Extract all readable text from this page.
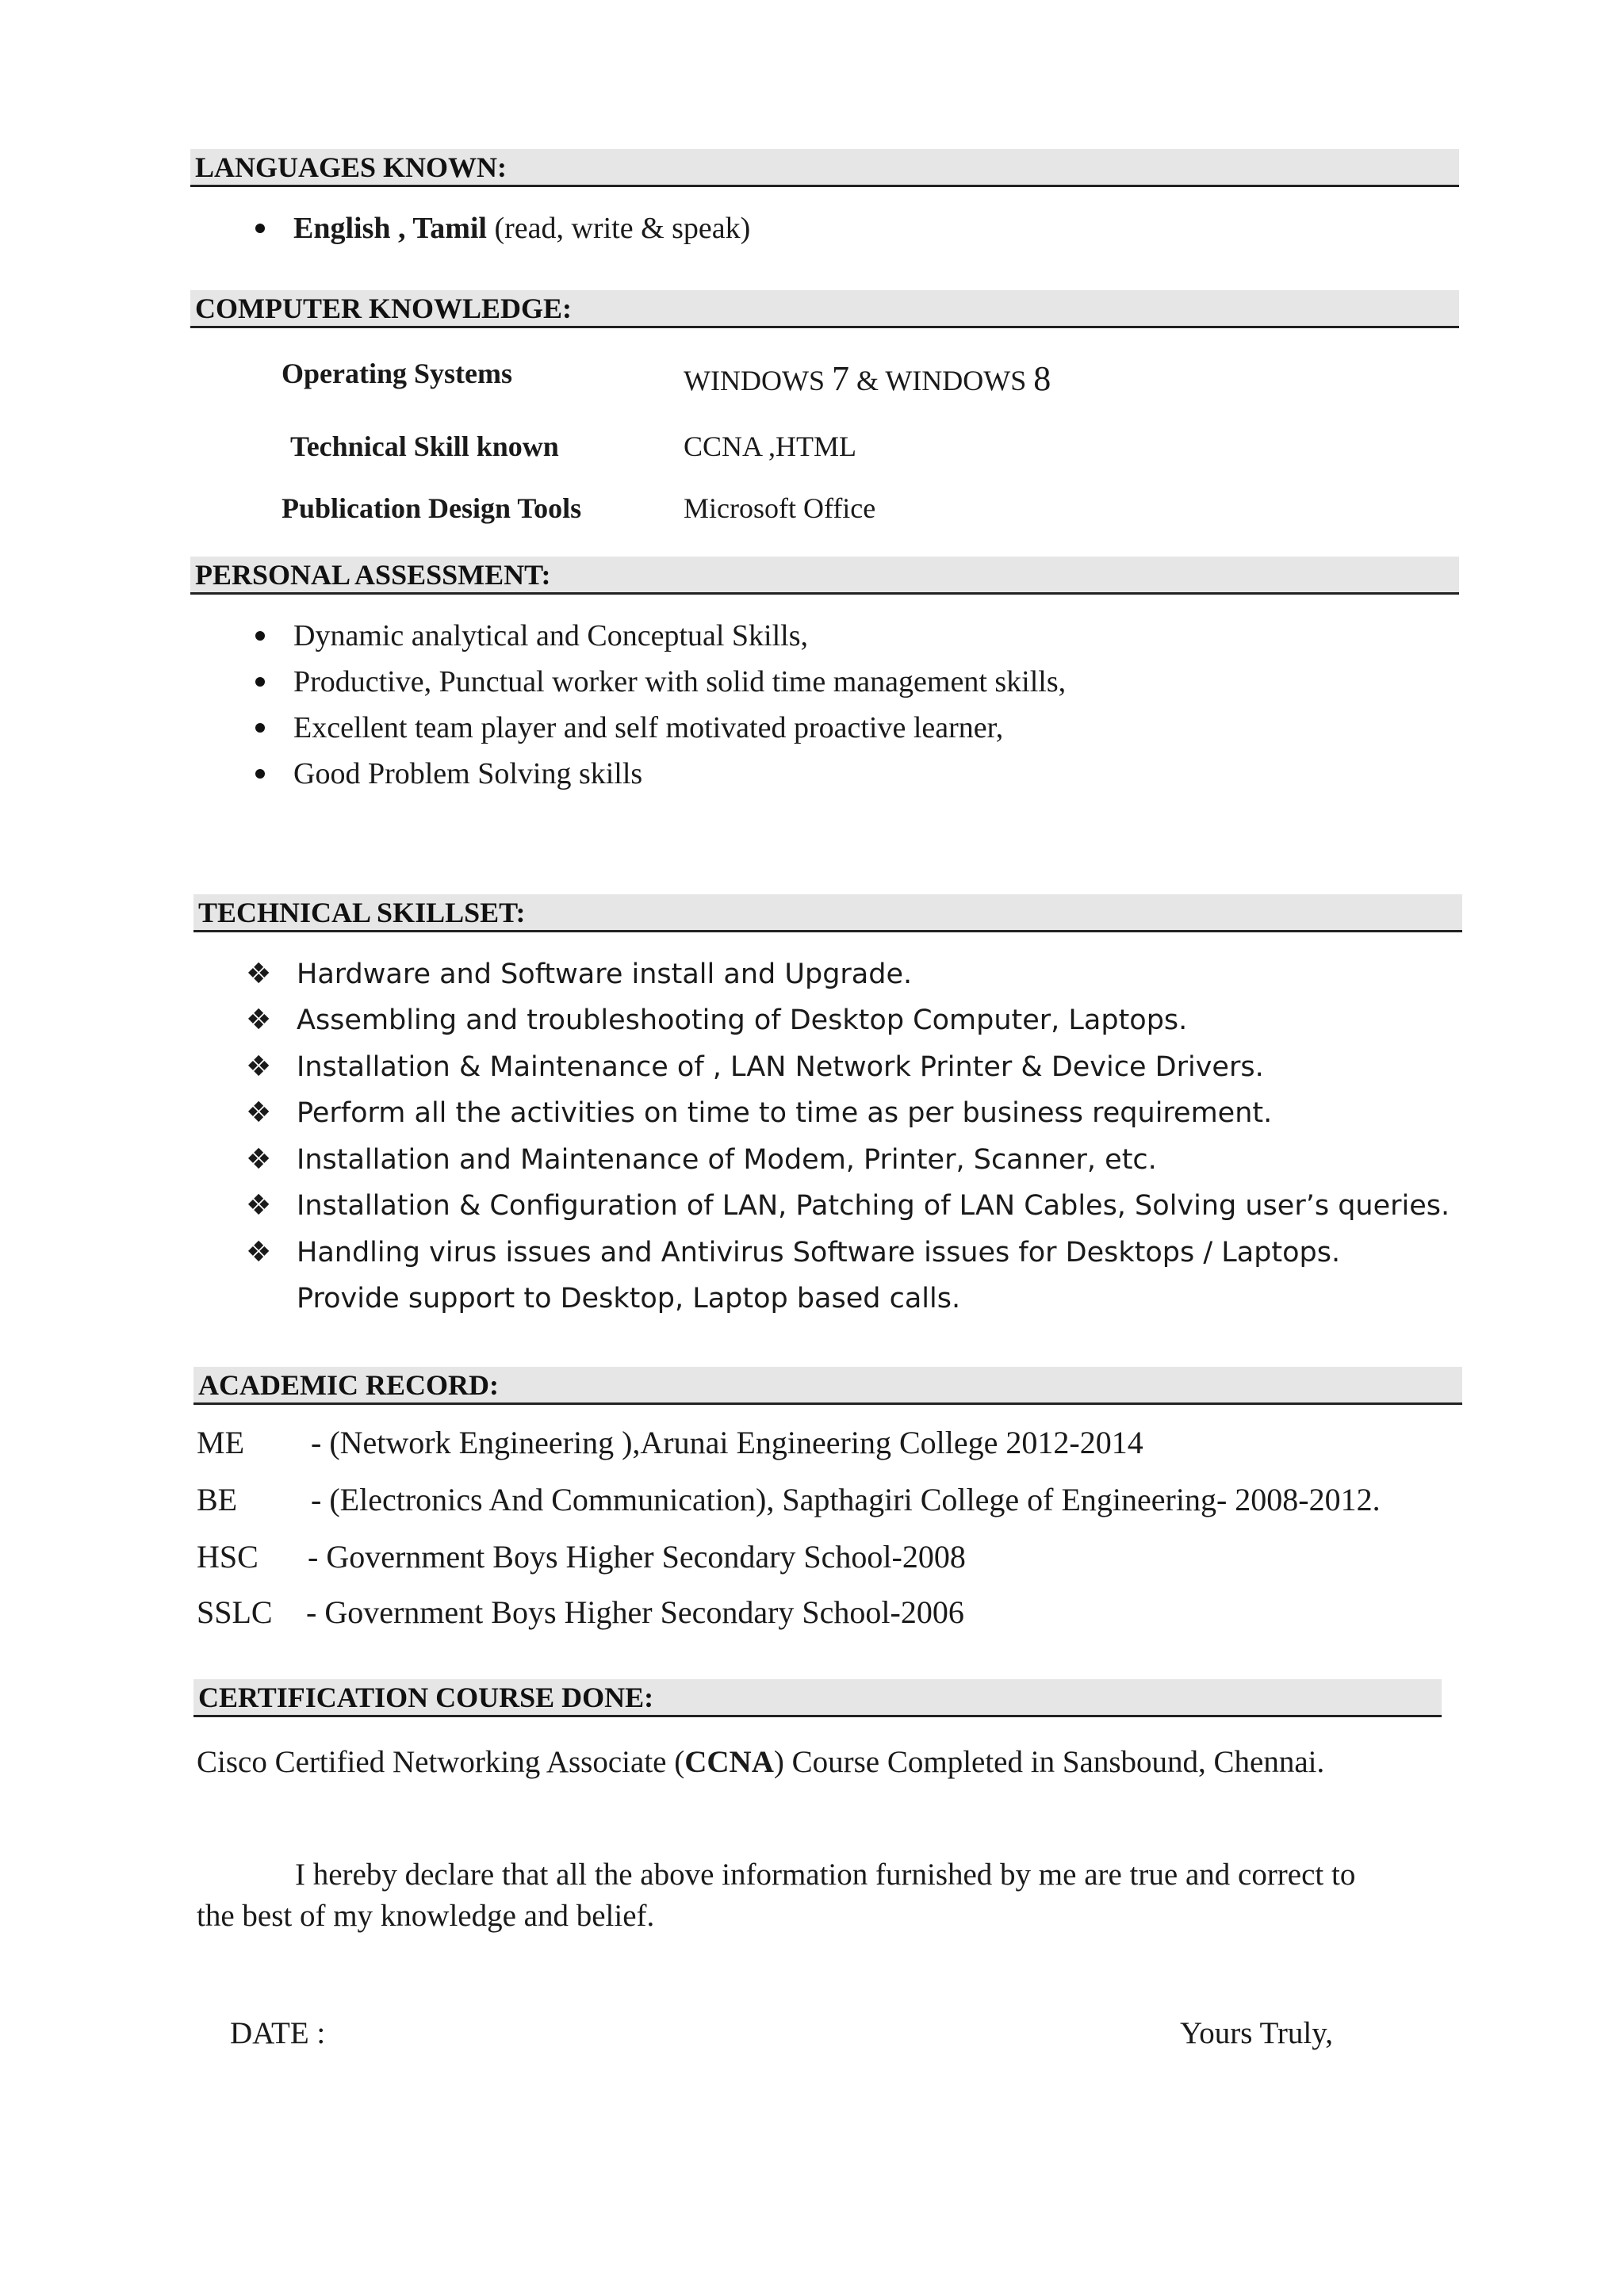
LANGUAGES KNOWN:
English , Tamil (read, write & speak)
COMPUTER KNOWLEDGE:
Operating Systems	WINDOWS 7 & WINDOWS 8
Technical Skill known	CCNA ,HTML
Publication Design Tools	Microsoft Office
PERSONAL ASSESSMENT:
Dynamic analytical and Conceptual Skills,
Productive, Punctual worker with solid time management skills,
Excellent team player and self motivated proactive learner,
Good Problem Solving skills
TECHNICAL SKILLSET:
❖ Hardware and Software install and Upgrade.
❖ Assembling and troubleshooting of Desktop Computer, Laptops.
❖ Installation & Maintenance of , LAN Network Printer & Device Drivers.
❖ Perform all the activities on time to time as per business requirement.
❖ Installation and Maintenance of Modem, Printer, Scanner, etc.
❖ Installation & Configuration of LAN, Patching of LAN Cables, Solving user’s queries.
❖ Handling virus issues and Antivirus Software issues for Desktops / Laptops.
Provide support to Desktop, Laptop based calls.
ACADEMIC RECORD:
ME - (Network Engineering ),Arunai Engineering College 2012-2014
BE - (Electronics And Communication), Sapthagiri College of Engineering- 2008-2012.
HSC - Government Boys Higher Secondary School-2008
SSLC - Government Boys Higher Secondary School-2006
CERTIFICATION COURSE DONE:
Cisco Certified Networking Associate (CCNA) Course Completed in Sansbound, Chennai.
I hereby declare that all the above information furnished by me are true and correct to
the best of my knowledge and belief.
DATE :	Yours Truly,
